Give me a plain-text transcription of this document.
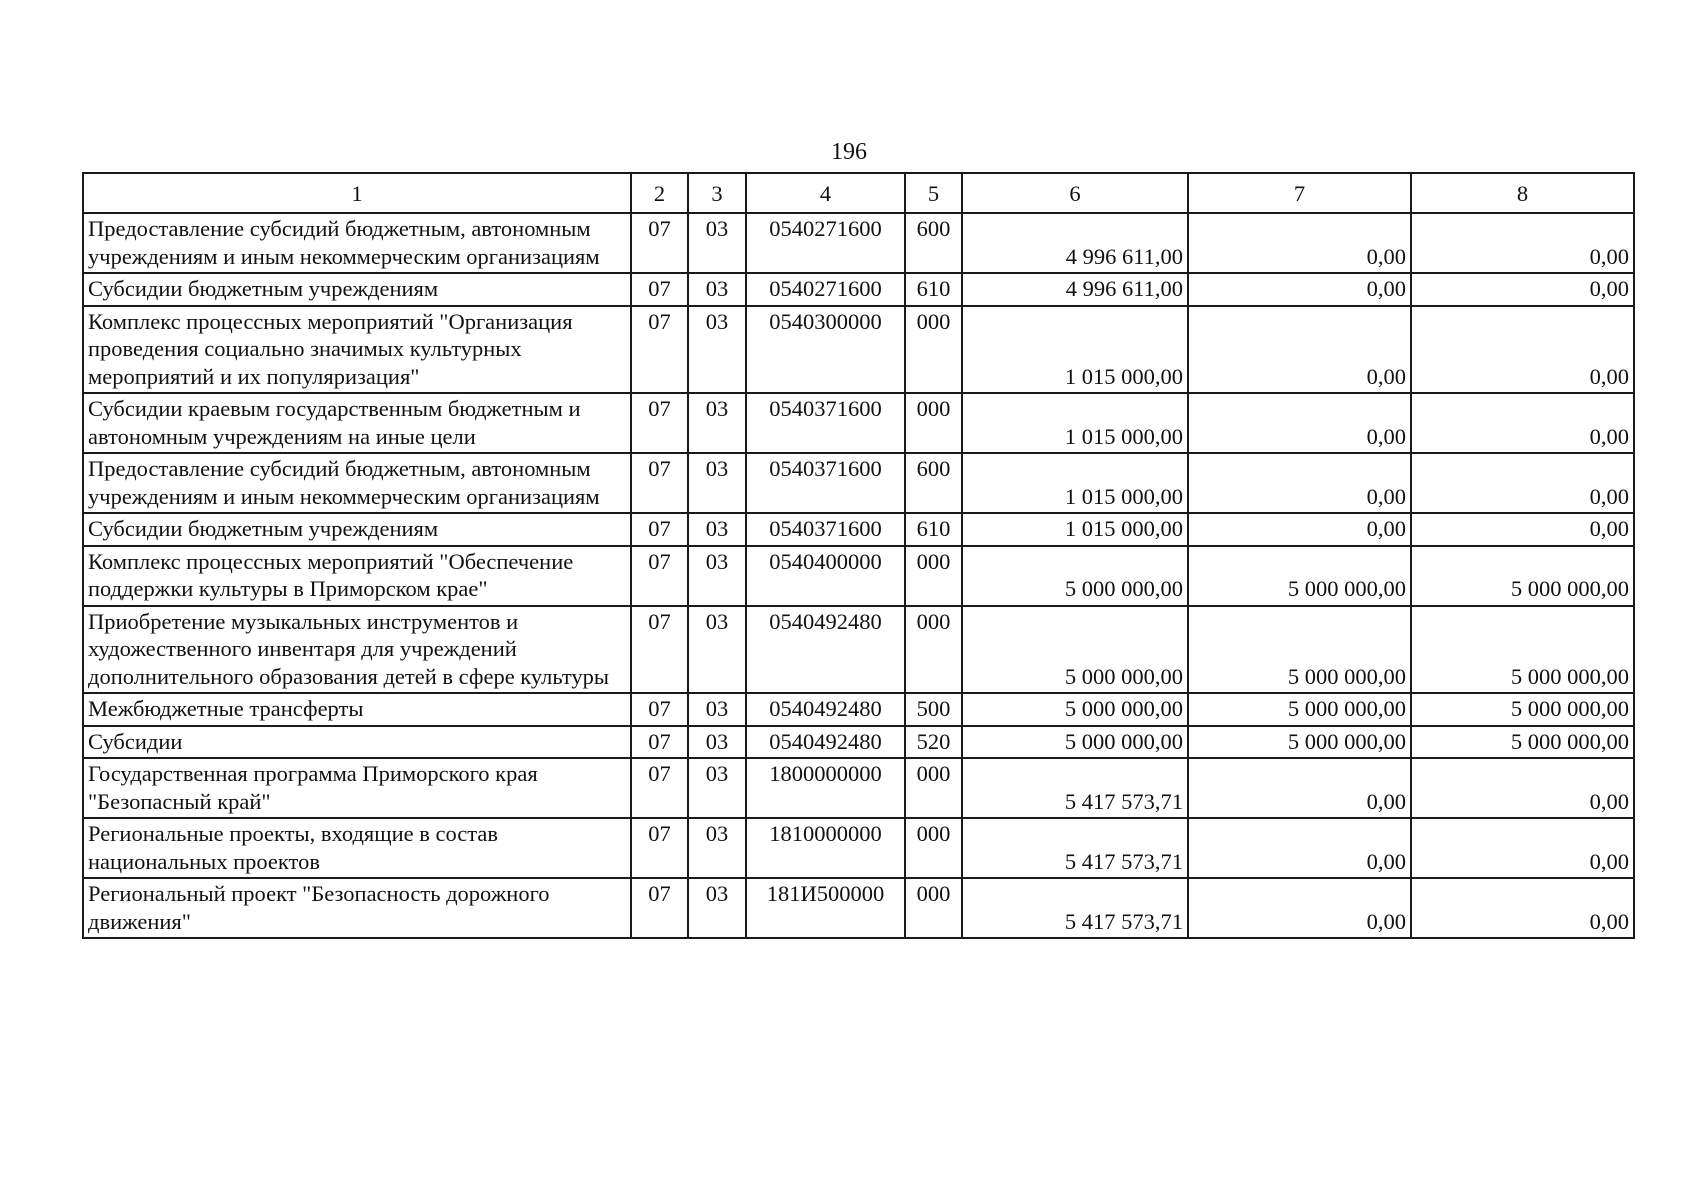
196
1	2	3	4	5	6	7	8
Предоставление субсидий бюджетным, автономным учреждениям и иным некоммерческим организациям	07	03	0540271600	600	4 996 611,00	0,00	0,00
Субсидии бюджетным учреждениям	07	03	0540271600	610	4 996 611,00	0,00	0,00
Комплекс процессных мероприятий "Организация проведения социально значимых культурных мероприятий и их популяризация"	07	03	0540300000	000	1 015 000,00	0,00	0,00
Субсидии краевым государственным бюджетным и автономным учреждениям на иные цели	07	03	0540371600	000	1 015 000,00	0,00	0,00
Предоставление субсидий бюджетным, автономным учреждениям и иным некоммерческим организациям	07	03	0540371600	600	1 015 000,00	0,00	0,00
Субсидии бюджетным учреждениям	07	03	0540371600	610	1 015 000,00	0,00	0,00
Комплекс процессных мероприятий "Обеспечение поддержки культуры в Приморском крае"	07	03	0540400000	000	5 000 000,00	5 000 000,00	5 000 000,00
Приобретение музыкальных инструментов и художественного инвентаря для учреждений дополнительного образования детей в сфере культуры	07	03	0540492480	000	5 000 000,00	5 000 000,00	5 000 000,00
Межбюджетные трансферты	07	03	0540492480	500	5 000 000,00	5 000 000,00	5 000 000,00
Субсидии	07	03	0540492480	520	5 000 000,00	5 000 000,00	5 000 000,00
Государственная программа Приморского края "Безопасный край"	07	03	1800000000	000	5 417 573,71	0,00	0,00
Региональные проекты, входящие в состав национальных проектов	07	03	1810000000	000	5 417 573,71	0,00	0,00
Региональный проект "Безопасность дорожного движения"	07	03	181И500000	000	5 417 573,71	0,00	0,00
